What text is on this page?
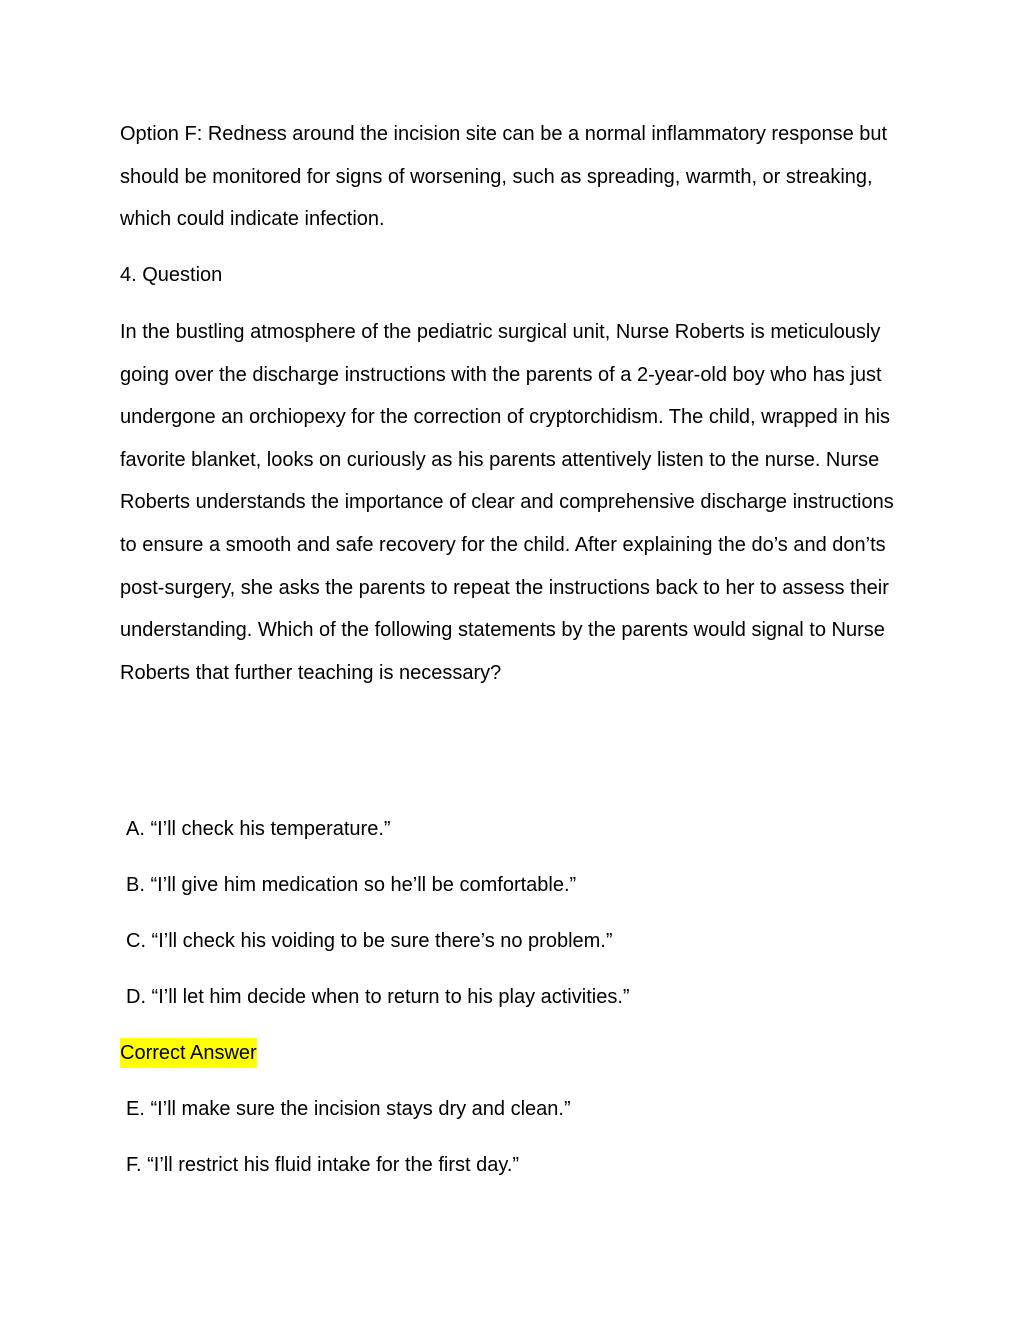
Option F: Redness around the incision site can be a normal inflammatory response but should be monitored for signs of worsening, such as spreading, warmth, or streaking, which could indicate infection.
4. Question
In the bustling atmosphere of the pediatric surgical unit, Nurse Roberts is meticulously going over the discharge instructions with the parents of a 2-year-old boy who has just undergone an orchiopexy for the correction of cryptorchidism. The child, wrapped in his favorite blanket, looks on curiously as his parents attentively listen to the nurse. Nurse Roberts understands the importance of clear and comprehensive discharge instructions to ensure a smooth and safe recovery for the child. After explaining the do’s and don’ts post-surgery, she asks the parents to repeat the instructions back to her to assess their understanding. Which of the following statements by the parents would signal to Nurse Roberts that further teaching is necessary?
A. “I’ll check his temperature.”
B. “I’ll give him medication so he’ll be comfortable.”
C. “I’ll check his voiding to be sure there’s no problem.”
D. “I’ll let him decide when to return to his play activities.”
Correct Answer
E. “I’ll make sure the incision stays dry and clean.”
F. “I’ll restrict his fluid intake for the first day.”
